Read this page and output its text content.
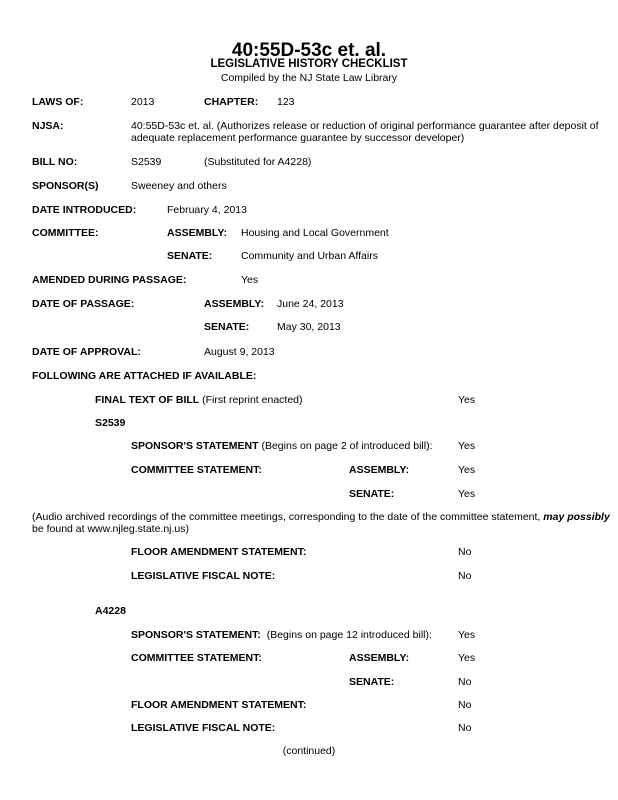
40:55D-53c et. al.
LEGISLATIVE HISTORY CHECKLIST
Compiled by the NJ State Law Library
LAWS OF:	2013	CHAPTER: 123
NJSA:	40:55D-53c et. al. (Authorizes release or reduction of original performance guarantee after deposit of
adequate replacement performance guarantee by successor developer)
BILL NO:	S2539	(Substituted for A4228)
SPONSOR(S)	Sweeney and others
DATE INTRODUCED:	February 4, 2013
COMMITTEE:	ASSEMBLY: Housing and Local Government
SENATE:	Community and Urban Affairs
AMENDED DURING PASSAGE:	Yes
DATE OF PASSAGE:	ASSEMBLY: June 24, 2013
SENATE:	May 30, 2013
DATE OF APPROVAL:	August 9, 2013
FOLLOWING ARE ATTACHED IF AVAILABLE:
FINAL TEXT OF BILL (First reprint enacted)	Yes
S2539
SPONSOR'S STATEMENT (Begins on page 2 of introduced bill): Yes
COMMITTEE STATEMENT:	ASSEMBLY:	Yes
SENATE:	Yes
(Audio archived recordings of the committee meetings, corresponding to the date of the committee statement, may possibly
be found at www.njleg.state.nj.us)
FLOOR AMENDMENT STATEMENT:	No
LEGISLATIVE FISCAL NOTE:	No
A4228
SPONSOR'S STATEMENT:  (Begins on page 12 introduced bill): Yes
COMMITTEE STATEMENT:	ASSEMBLY:	Yes
SENATE:	No
FLOOR AMENDMENT STATEMENT:	No
LEGISLATIVE FISCAL NOTE:	No
(continued)
